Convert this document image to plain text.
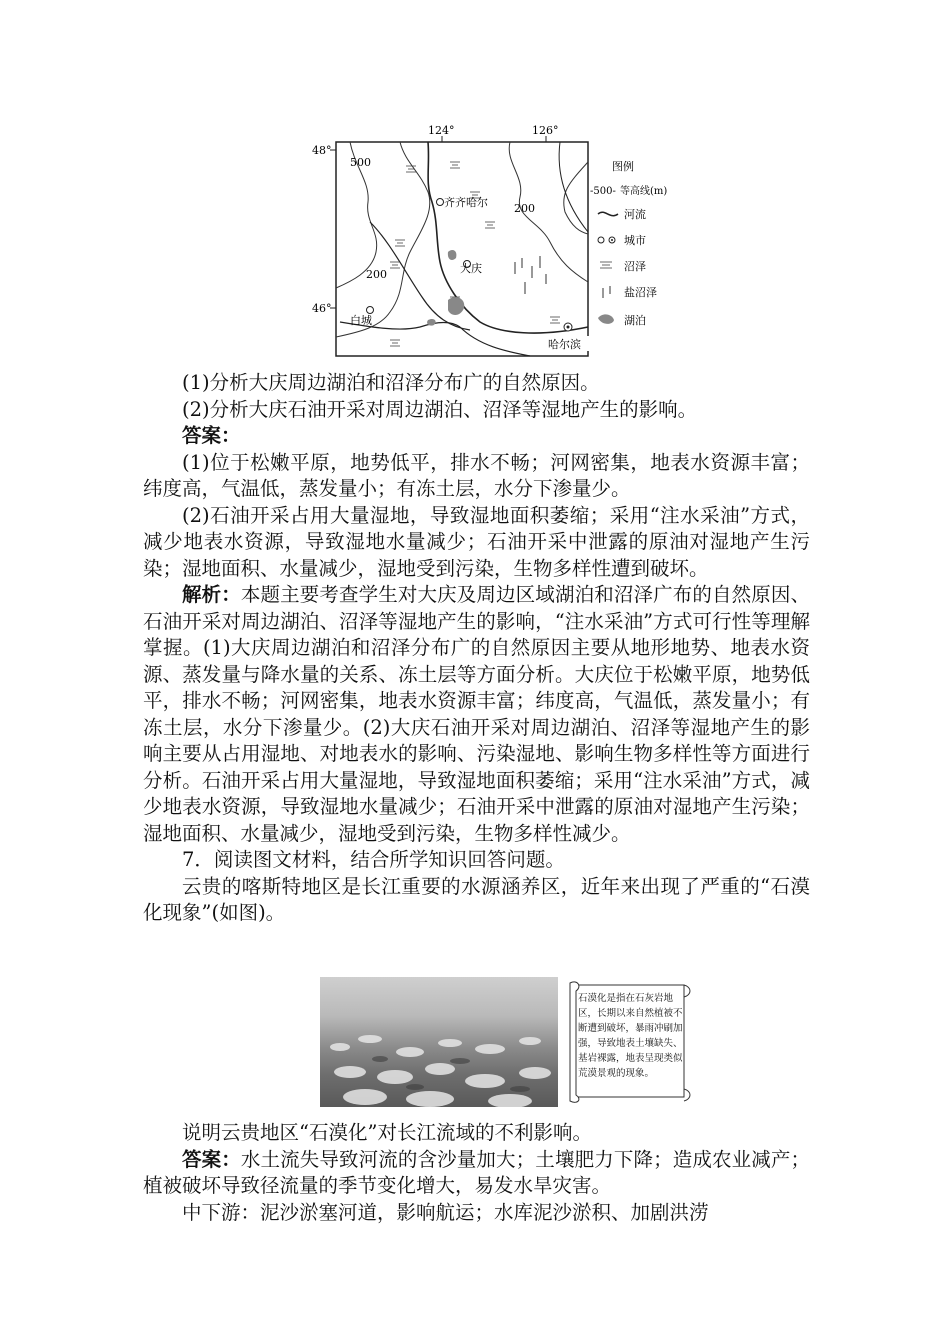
124°	126°
48°
46°
500
200
200
齐齐哈尔
大庆
白城
哈尔滨
图例
-500- 等高线(m)
河流
城市
沼泽
盐沼泽
湖泊

(1)分析大庆周边湖泊和沼泽分布广的自然原因。

(2)分析大庆石油开采对周边湖泊、沼泽等湿地产生的影响。

答案：

(1)位于松嫩平原，地势低平，排水不畅；河网密集，地表水资源丰富；纬度高，气温低，蒸发量小；有冻土层，水分下渗量少。

(2)石油开采占用大量湿地，导致湿地面积萎缩；采用“注水采油”方式，减少地表水资源，导致湿地水量减少；石油开采中泄露的原油对湿地产生污染；湿地面积、水量减少，湿地受到污染，生物多样性遭到破坏。

解析：本题主要考查学生对大庆及周边区域湖泊和沼泽广布的自然原因、石油开采对周边湖泊、沼泽等湿地产生的影响，“注水采油”方式可行性等理解掌握。(1)大庆周边湖泊和沼泽分布广的自然原因主要从地形地势、地表水资源、蒸发量与降水量的关系、冻土层等方面分析。大庆位于松嫩平原，地势低平，排水不畅；河网密集，地表水资源丰富；纬度高，气温低，蒸发量小；有冻土层，水分下渗量少。(2)大庆石油开采对周边湖泊、沼泽等湿地产生的影响主要从占用湿地、对地表水的影响、污染湿地、影响生物多样性等方面进行分析。石油开采占用大量湿地，导致湿地面积萎缩；采用“注水采油”方式，减少地表水资源，导致湿地水量减少；石油开采中泄露的原油对湿地产生污染；湿地面积、水量减少，湿地受到污染，生物多样性减少。

7．阅读图文材料，结合所学知识回答问题。

云贵的喀斯特地区是长江重要的水源涵养区，近年来出现了严重的“石漠化现象”(如图)。

石漠化是指在石灰岩地区，长期以来自然植被不断遭到破坏，暴雨冲刷加强，导致地表土壤缺失、基岩裸露，地表呈现类似荒漠景观的现象。

说明云贵地区“石漠化”对长江流域的不利影响。

答案：水土流失导致河流的含沙量加大；土壤肥力下降；造成农业减产；植被破坏导致径流量的季节变化增大，易发水旱灾害。

中下游：泥沙淤塞河道，影响航运；水库泥沙淤积、加剧洪涝
